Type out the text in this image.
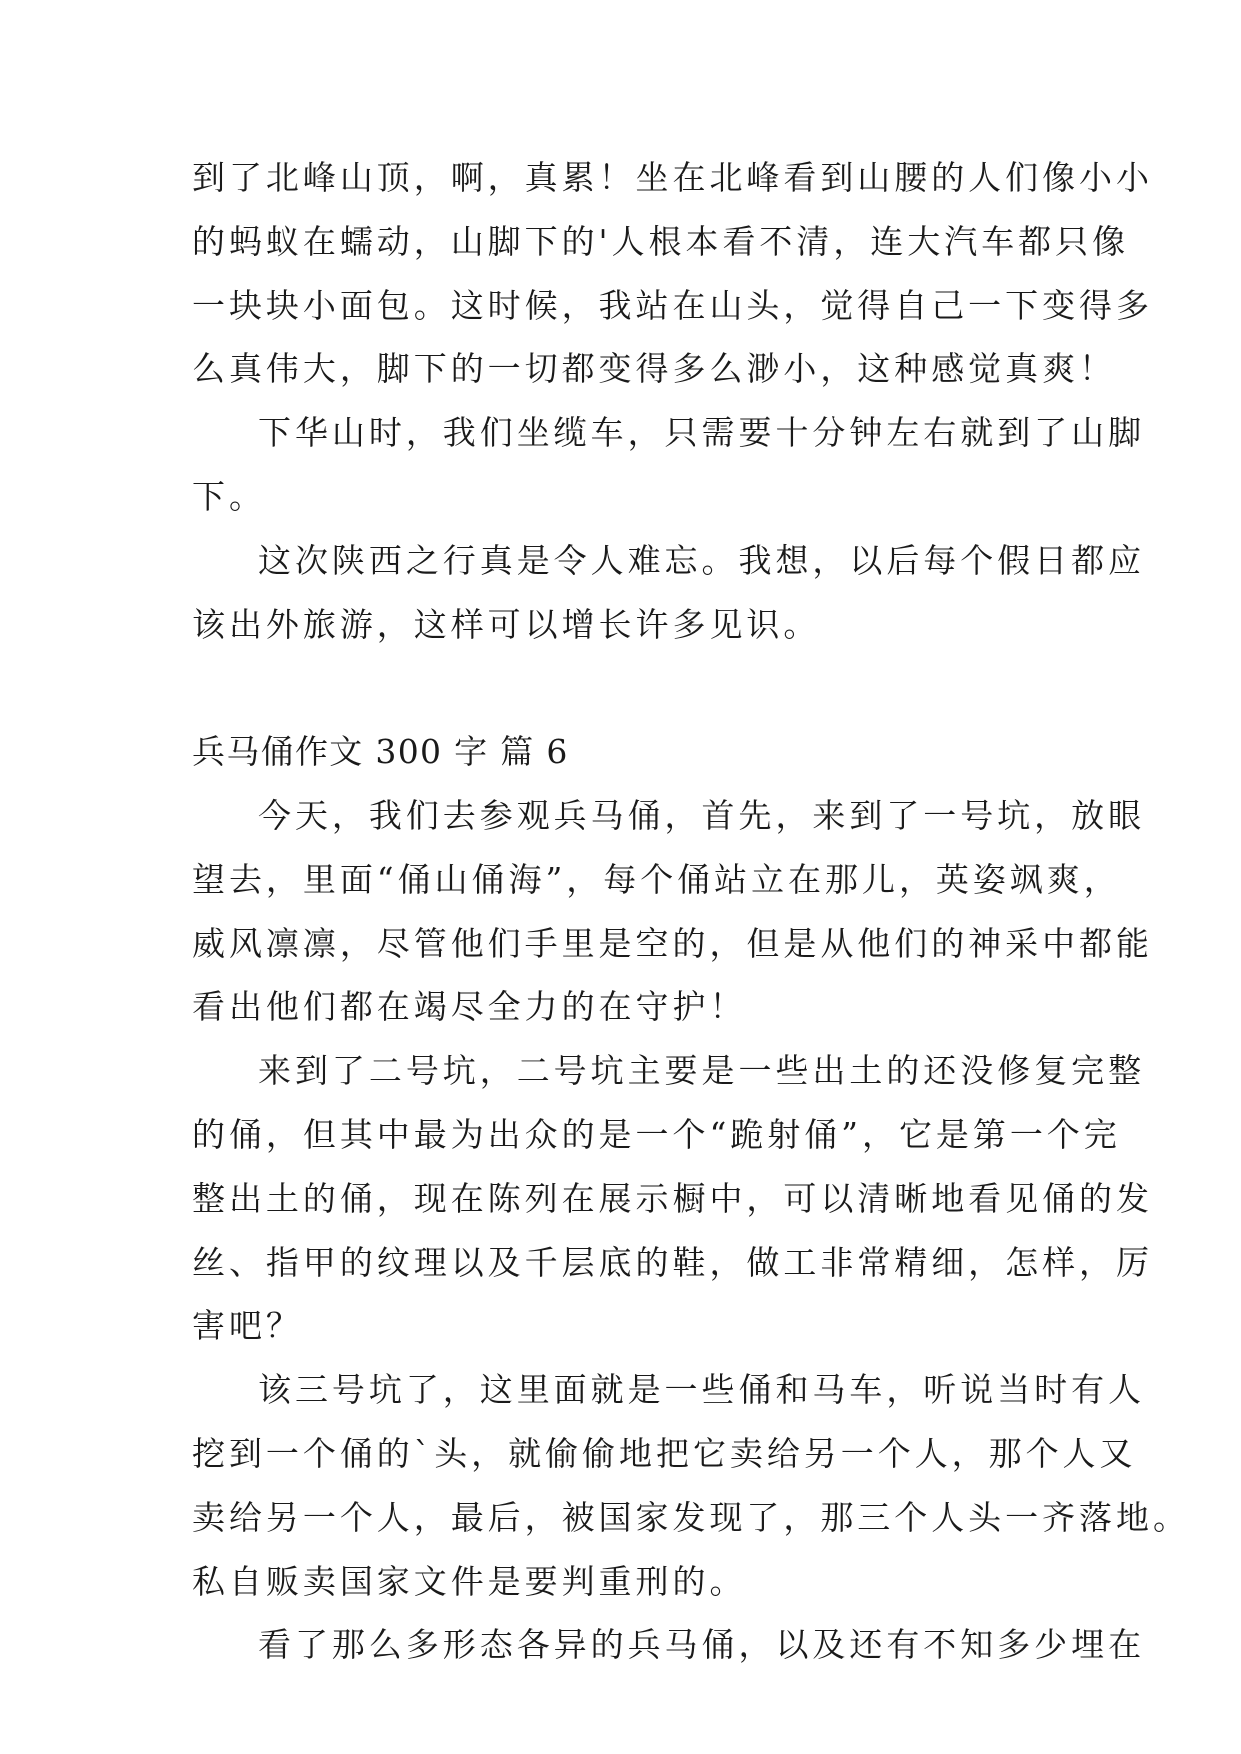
到了北峰山顶，啊，真累！坐在北峰看到山腰的人们像小小
的蚂蚁在蠕动，山脚下的'人根本看不清，连大汽车都只像
一块块小面包。这时候，我站在山头，觉得自己一下变得多
么真伟大，脚下的一切都变得多么渺小，这种感觉真爽！
下华山时，我们坐缆车，只需要十分钟左右就到了山脚
下。
这次陕西之行真是令人难忘。我想，以后每个假日都应
该出外旅游，这样可以增长许多见识。
兵马俑作文 300 字 篇 6
今天，我们去参观兵马俑，首先，来到了一号坑，放眼
望去，里面“俑山俑海”，每个俑站立在那儿，英姿飒爽，
威风凛凛，尽管他们手里是空的，但是从他们的神采中都能
看出他们都在竭尽全力的在守护！
来到了二号坑，二号坑主要是一些出土的还没修复完整
的俑，但其中最为出众的是一个“跪射俑”，它是第一个完
整出土的俑，现在陈列在展示橱中，可以清晰地看见俑的发
丝、指甲的纹理以及千层底的鞋，做工非常精细，怎样，厉
害吧？
该三号坑了，这里面就是一些俑和马车，听说当时有人
挖到一个俑的`头，就偷偷地把它卖给另一个人，那个人又
卖给另一个人，最后，被国家发现了，那三个人头一齐落地。
私自贩卖国家文件是要判重刑的。
看了那么多形态各异的兵马俑，以及还有不知多少埋在
